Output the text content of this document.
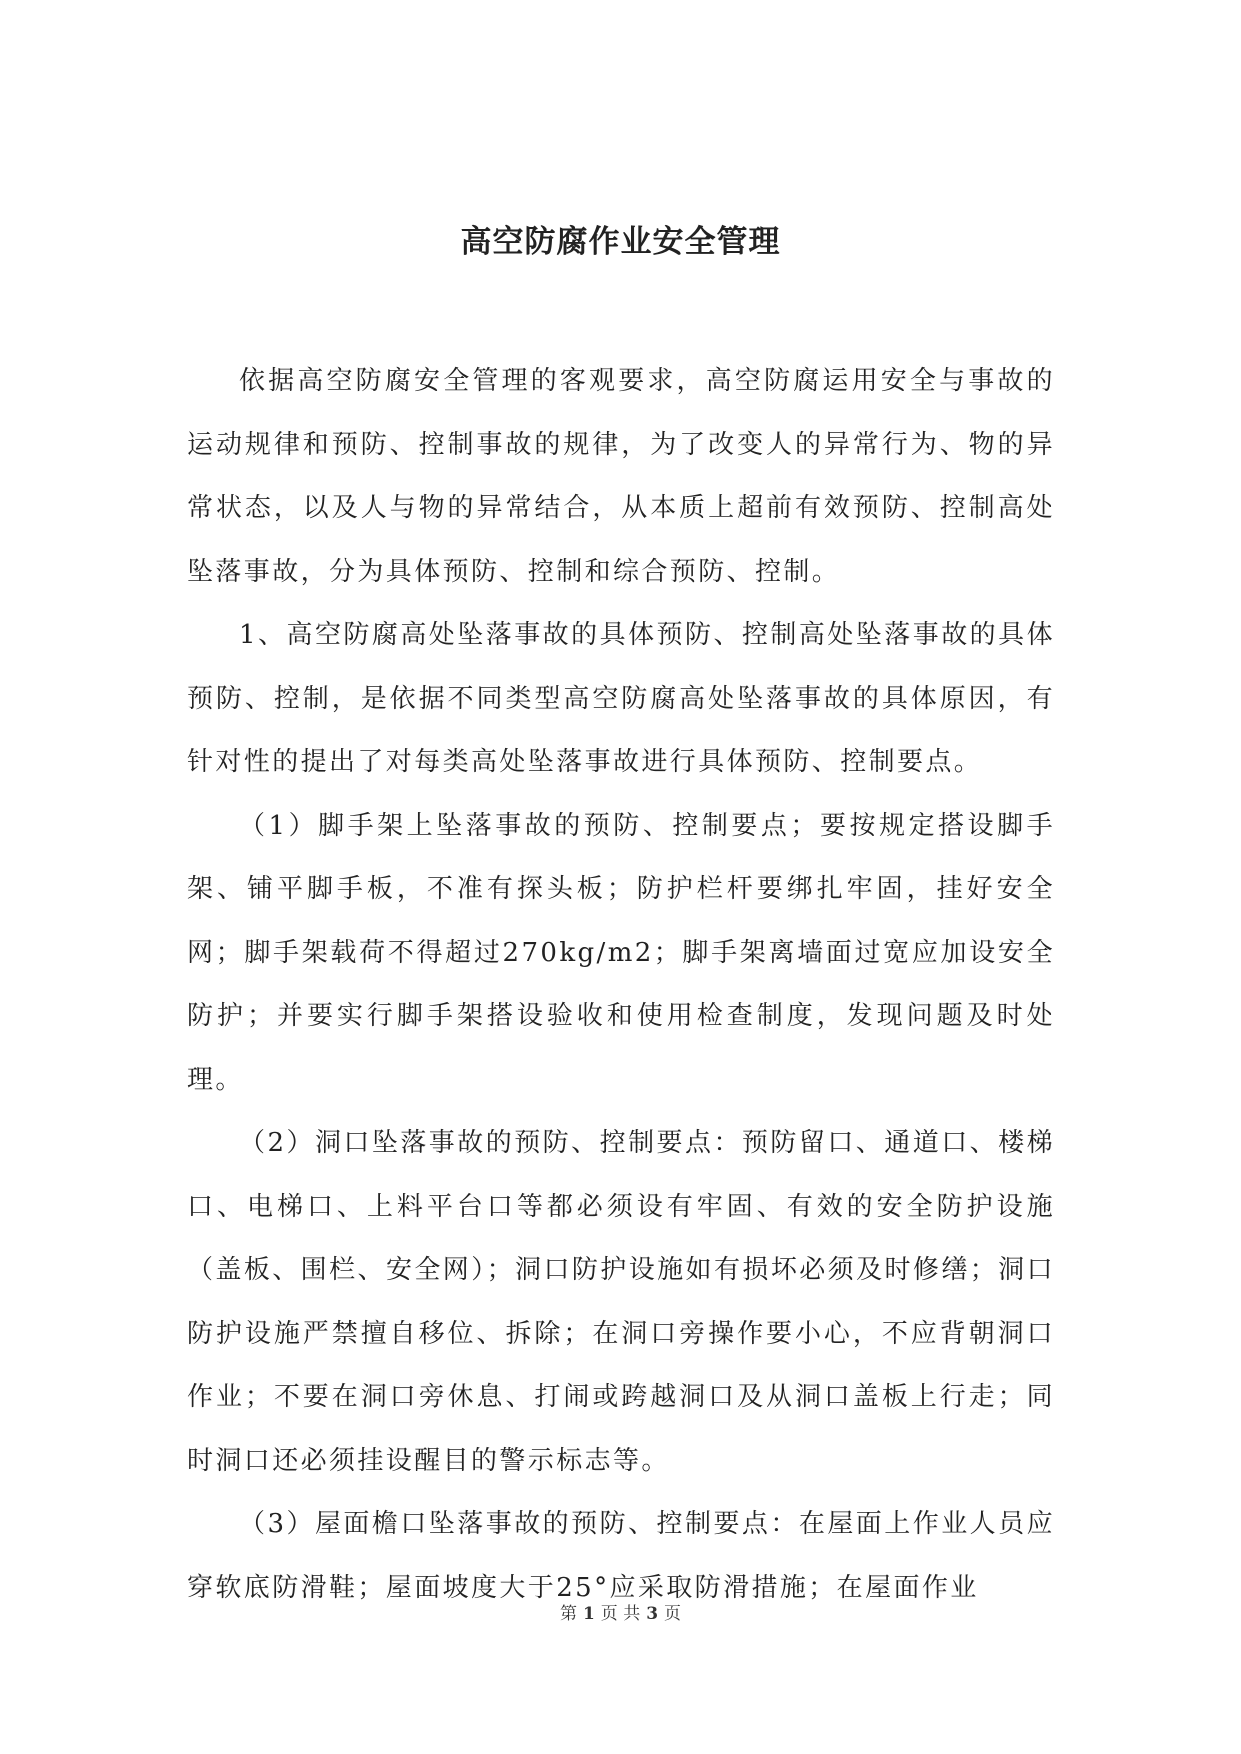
高空防腐作业安全管理

依据高空防腐安全管理的客观要求，高空防腐运用安全与事故的运动规律和预防、控制事故的规律，为了改变人的异常行为、物的异常状态，以及人与物的异常结合，从本质上超前有效预防、控制高处坠落事故，分为具体预防、控制和综合预防、控制。

1、高空防腐高处坠落事故的具体预防、控制高处坠落事故的具体预防、控制，是依据不同类型高空防腐高处坠落事故的具体原因，有针对性的提出了对每类高处坠落事故进行具体预防、控制要点。

（1）脚手架上坠落事故的预防、控制要点；要按规定搭设脚手架、铺平脚手板，不准有探头板；防护栏杆要绑扎牢固，挂好安全网；脚手架载荷不得超过270kg/m2；脚手架离墙面过宽应加设安全防护；并要实行脚手架搭设验收和使用检查制度，发现问题及时处理。

（2）洞口坠落事故的预防、控制要点：预防留口、通道口、楼梯口、电梯口、上料平台口等都必须设有牢固、有效的安全防护设施（盖板、围栏、安全网）；洞口防护设施如有损坏必须及时修缮；洞口防护设施严禁擅自移位、拆除；在洞口旁操作要小心，不应背朝洞口作业；不要在洞口旁休息、打闹或跨越洞口及从洞口盖板上行走；同时洞口还必须挂设醒目的警示标志等。

（3）屋面檐口坠落事故的预防、控制要点：在屋面上作业人员应穿软底防滑鞋；屋面坡度大于25°应采取防滑措施；在屋面作业

第 1 页 共 3 页
